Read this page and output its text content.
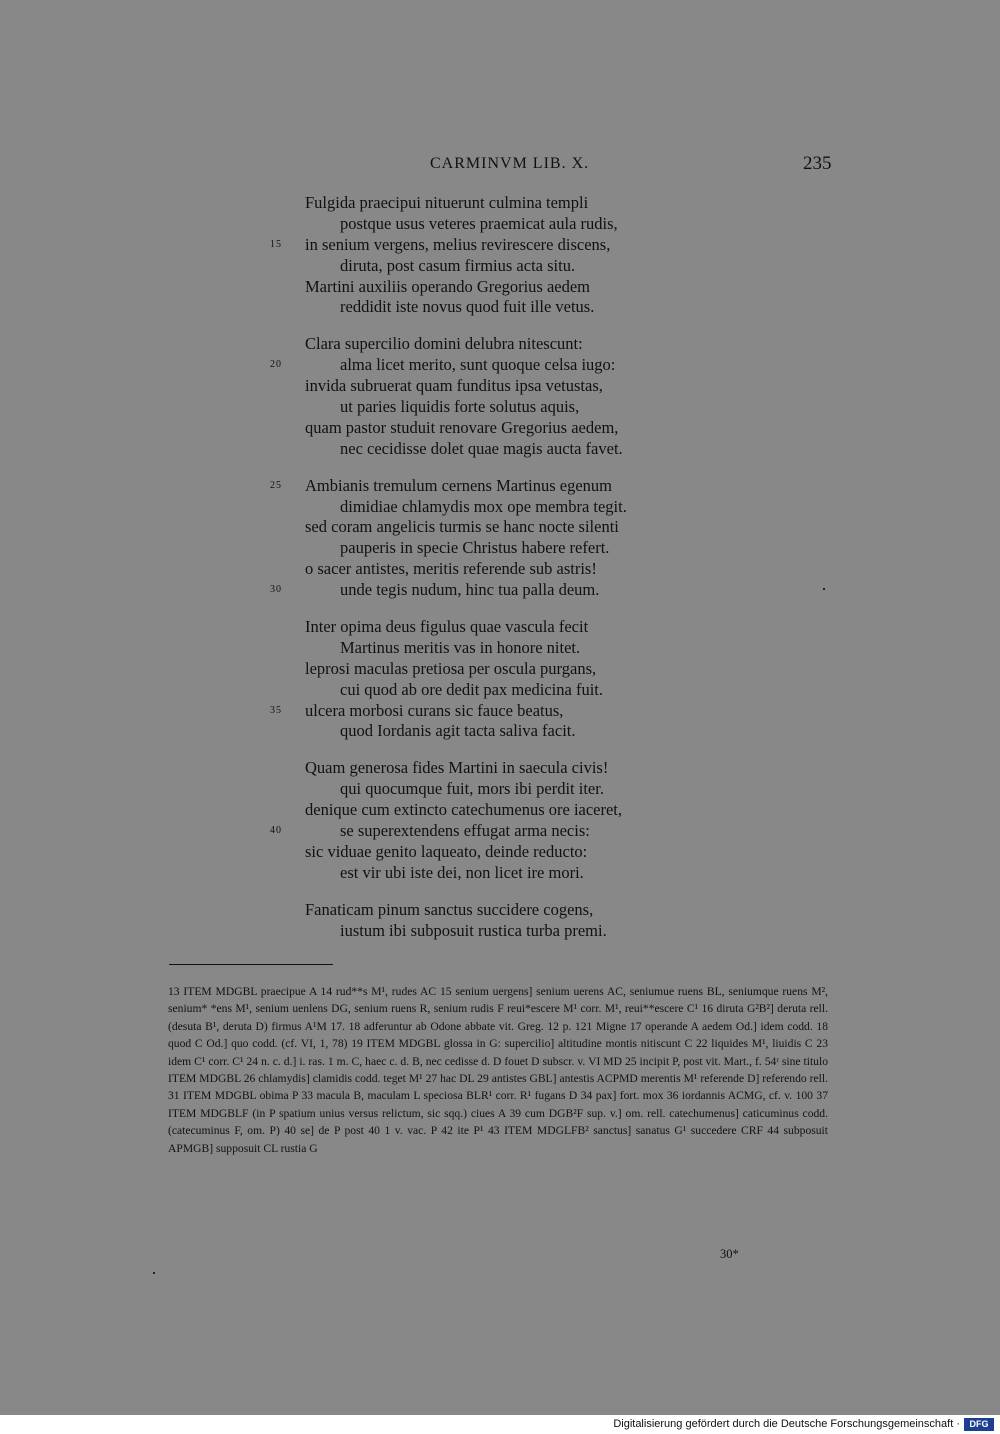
CARMINVM LIB. X.	235
Fulgida praecipui nituerunt culmina templi
postque usus veteres praemicat aula rudis,
15 in senium vergens, melius revirescere discens,
diruta, post casum firmius acta situ.
Martini auxiliis operando Gregorius aedem
reddidit iste novus quod fuit ille vetus.
Clara supercilio domini delubra nitescunt:
20	alma licet merito, sunt quoque celsa iugo:
invida subruerat quam funditus ipsa vetustas,
ut paries liquidis forte solutus aquis,
quam pastor studuit renovare Gregorius aedem,
nec cecidisse dolet quae magis aucta favet.
25 Ambianis tremulum cernens Martinus egenum
dimidiae chlamydis mox ope membra tegit.
sed coram angelicis turmis se hanc nocte silenti
pauperis in specie Christus habere refert.
o sacer antistes, meritis referende sub astris!
30	unde tegis nudum, hinc tua palla deum.
Inter opima deus figulus quae vascula fecit
Martinus meritis vas in honore nitet.
leprosi maculas pretiosa per oscula purgans,
cui quod ab ore dedit pax medicina fuit.
35 ulcera morbosi curans sic fauce beatus,
quod Iordanis agit tacta saliva facit.
Quam generosa fides Martini in saecula civis!
qui quocumque fuit, mors ibi perdit iter.
denique cum extincto catechumenus ore iaceret,
40	se superextendens effugat arma necis:
sic viduae genito laqueato, deinde reducto:
est vir ubi iste dei, non licet ire mori.
Fanaticam pinum sanctus succidere cogens,
iustum ibi subposuit rustica turba premi.

13 ITEM MDGBL praecipue A 14 rud**s M¹, rudes AC 15 senium uergens] senium uerens AC, seniumue ruens BL, seniumque ruens M², senium* *ens M¹, senium uenlens DG, senium ruens R, senium rudis F reui*escere M¹ corr. M¹, reui**escere C¹ 16 diruta G²B²] deruta rell. (desuta B¹, deruta D) firmus A¹M 17. 18 adferuntur ab Odone abbate vit. Greg. 12 p. 121 Migne 17 operande A aedem Od.] idem codd. 18 quod C Od.] quo codd. (cf. VI, 1, 78) 19 ITEM MDGBL glossa in G: supercilio] altitudine montis nitiscunt C 22 liquides M¹, liuidis C 23 idem C¹ corr. C¹ 24 n. c. d.] i. ras. 1 m. C, haec c. d. B, nec cedisse d. D fouet D subscr. v. VI MD 25 incipit P, post vit. Mart., f. 54ʳ sine titulo ITEM MDGBL 26 chlamydis] clamidis codd. teget M¹ 27 hac DL 29 antistes GBL] antestis ACPMD merentis M¹ referende D] referendo rell. 31 ITEM MDGBL obima P 33 macula B, maculam L speciosa BLR¹ corr. R¹ fugans D 34 pax] fort. mox 36 iordannis ACMG, cf. v. 100 37 ITEM MDGBLF (in P spatium unius versus relictum, sic sqq.) ciues A 39 cum DGB²F sup. v.] om. rell. catechumenus] caticuminus codd. (catecuminus F, om. P) 40 se] de P post 40 1 v. vac. P 42 ite P¹ 43 ITEM MDGLFB² sanctus] sanatus G¹ succedere CRF 44 subposuit APMGB] supposuit CL rustia G

30*
Digitalisierung gefördert durch die Deutsche Forschungsgemeinschaft ·	DFG
